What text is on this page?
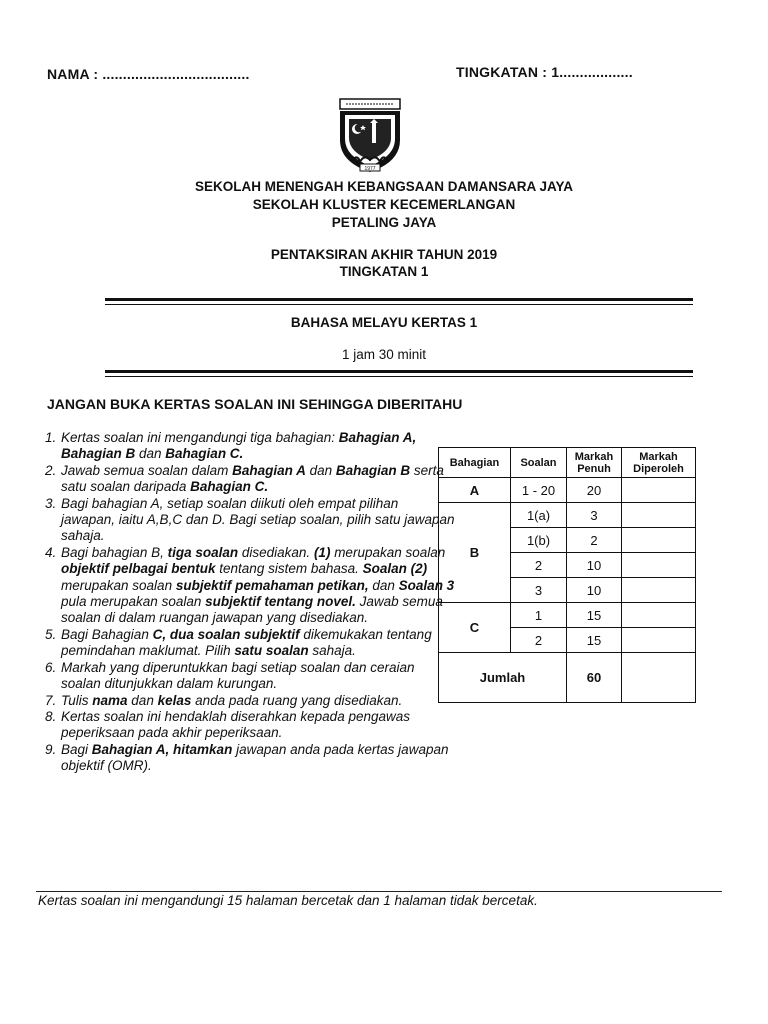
NAMA : ....................................	TINGKATAN : 1..................
1977
SEKOLAH MENENGAH KEBANGSAAN DAMANSARA JAYA
SEKOLAH KLUSTER KECEMERLANGAN
PETALING JAYA
PENTAKSIRAN AKHIR TAHUN 2019
TINGKATAN 1
BAHASA MELAYU KERTAS 1
1 jam 30 minit
JANGAN BUKA KERTAS SOALAN INI SEHINGGA DIBERITAHU
1. Kertas soalan ini mengandungi tiga bahagian: Bahagian A, Bahagian B dan Bahagian C.
2. Jawab semua soalan dalam Bahagian A dan Bahagian B serta satu soalan daripada Bahagian C.
3. Bagi bahagian A, setiap soalan diikuti oleh empat pilihan jawapan, iaitu A,B,C dan D. Bagi setiap soalan, pilih satu jawapan sahaja.
4. Bagi bahagian B, tiga soalan disediakan. (1) merupakan soalan objektif pelbagai bentuk tentang sistem bahasa. Soalan (2) merupakan soalan subjektif pemahaman petikan, dan Soalan 3 pula merupakan soalan subjektif tentang novel. Jawab semua soalan di dalam ruangan jawapan yang disediakan.
5. Bagi Bahagian C, dua soalan subjektif dikemukakan tentang pemindahan maklumat. Pilih satu soalan sahaja.
6. Markah yang diperuntukkan bagi setiap soalan dan ceraian soalan ditunjukkan dalam kurungan.
7. Tulis nama dan kelas anda pada ruang yang disediakan.
8. Kertas soalan ini hendaklah diserahkan kepada pengawas peperiksaan pada akhir peperiksaan.
9. Bagi Bahagian A, hitamkan jawapan anda pada kertas jawapan objektif (OMR).
Bahagian	Soalan	Markah Penuh	Markah Diperoleh
A	1 - 20	20	
B	1(a)	3	
	1(b)	2	
	2	10	
	3	10	
C	1	15	
	2	15	
Jumlah		60	
Kertas soalan ini mengandungi 15 halaman bercetak dan 1 halaman tidak bercetak.
